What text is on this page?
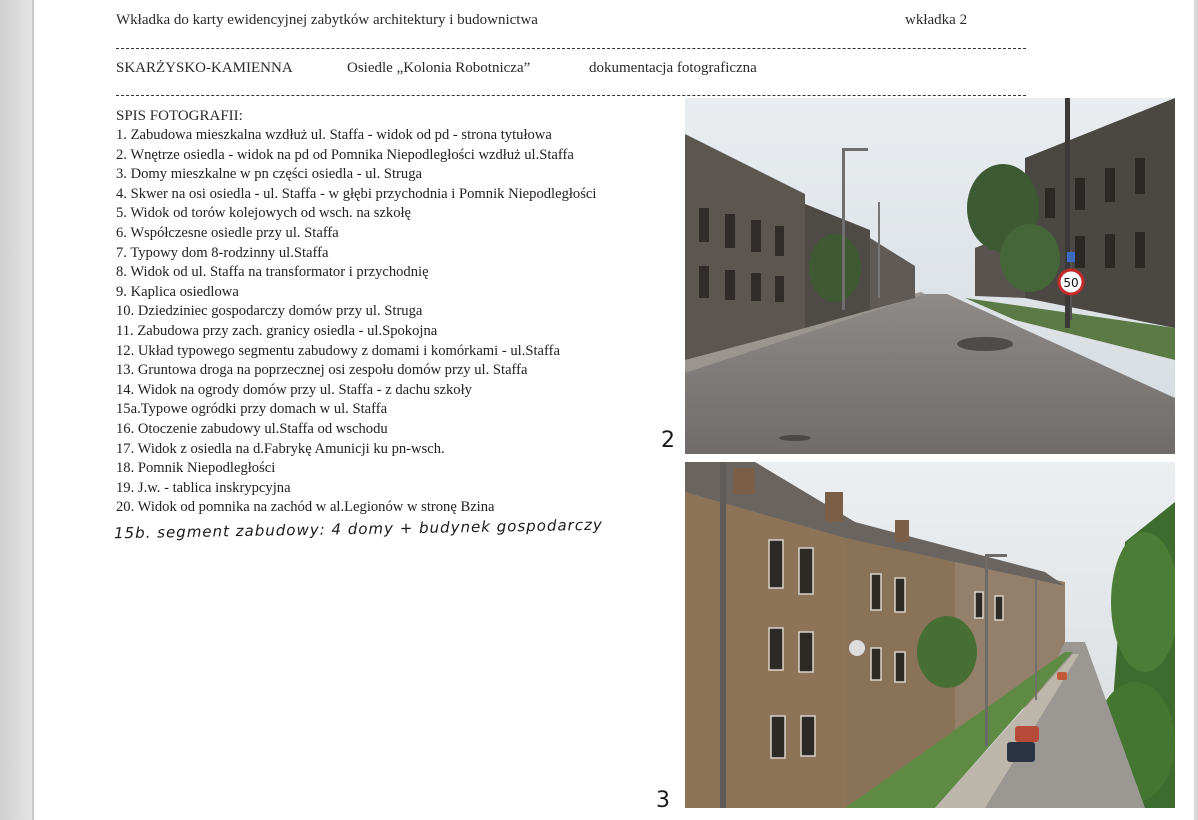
Wkładka do karty ewidencyjnej zabytków architektury i budownictwa	wkładka 2
SKARŻYSKO-KAMIENNA	Osiedle „Kolonia Robotnicza”	dokumentacja fotograficzna
SPIS FOTOGRAFII:
1. Zabudowa mieszkalna wzdłuż ul. Staffa - widok od pd - strona tytułowa
2. Wnętrze osiedla - widok na pd od Pomnika Niepodległości wzdłuż ul.Staffa
3. Domy mieszkalne w pn części osiedla - ul. Struga
4. Skwer na osi osiedla - ul. Staffa - w głębi przychodnia i Pomnik Niepodległości
5. Widok od torów kolejowych od wsch. na szkołę
6. Współczesne osiedle przy ul. Staffa
7. Typowy dom 8-rodzinny ul.Staffa
8. Widok od ul. Staffa na transformator i przychodnię
9. Kaplica osiedlowa
10. Dziedziniec gospodarczy domów przy ul. Struga
11. Zabudowa przy zach. granicy osiedla - ul.Spokojna
12. Układ typowego segmentu zabudowy z domami i komórkami - ul.Staffa
13. Gruntowa droga na poprzecznej osi zespołu domów przy ul. Staffa
14. Widok na ogrody domów przy ul. Staffa - z dachu szkoły
15a.Typowe ogródki przy domach w ul. Staffa
16. Otoczenie zabudowy ul.Staffa od wschodu
17. Widok z osiedla na d.Fabrykę Amunicji ku pn-wsch.
18. Pomnik Niepodległości
19. J.w. - tablica inskrypcyjna
20. Widok od pomnika na zachód w al.Legionów w stronę Bzina
15b. segment zabudowy: 4 domy + budynek gospodarczy
50
2
3
